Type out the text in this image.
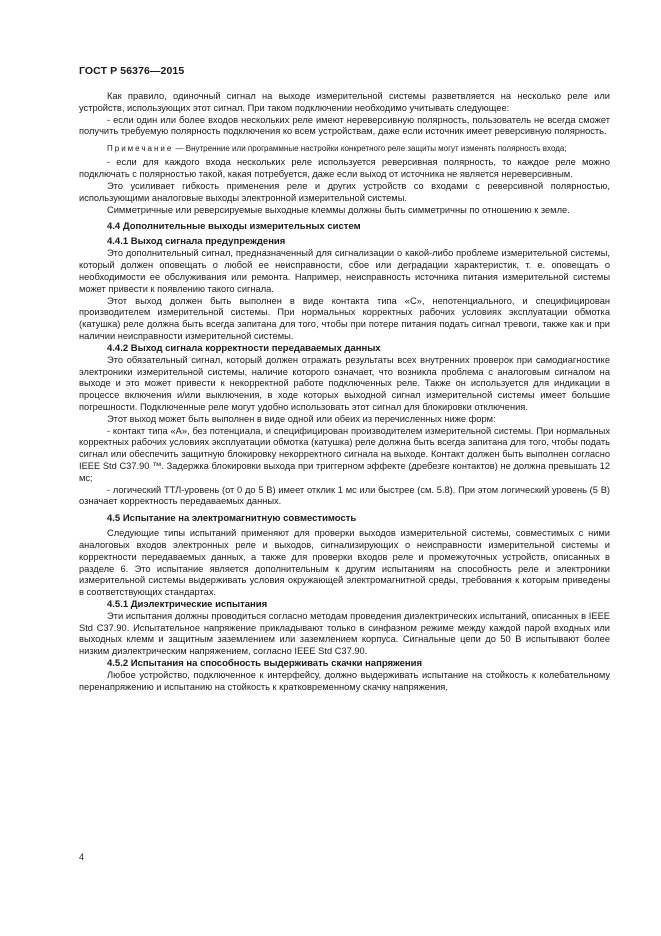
ГОСТ Р 56376—2015

Как правило, одиночный сигнал на выходе измерительной системы разветвляется на несколько реле или устройств, использующих этот сигнал. При таком подключении необходимо учитывать следующее:

- если один или более входов нескольких реле имеют нереверсивную полярность, пользователь не всегда сможет получить требуемую полярность подключения ко всем устройствам, даже если источник имеет реверсивную полярность.

Примечание — Внутренние или программные настройки конкретного реле защиты могут изменять полярность входа;

- если для каждого входа нескольких реле используется реверсивная полярность, то каждое реле можно подключать с полярностью такой, какая потребуется, даже если выход от источника не является нереверсивным.

Это усиливает гибкость применения реле и других устройств со входами с реверсивной полярностью, использующими аналоговые выходы электронной измерительной системы.

Симметричные или реверсируемые выходные клеммы должны быть симметричны по отношению к земле.

4.4 Дополнительные выходы измерительных систем
4.4.1 Выход сигнала предупреждения

Это дополнительный сигнал, предназначенный для сигнализации о какой-либо проблеме измерительной системы, который должен оповещать о любой ее неисправности, сбое или деградации характеристик, т. е. оповещать о необходимости ее обслуживания или ремонта. Например, неисправность источника питания измерительной системы может привести к появлению такого сигнала.

Этот выход должен быть выполнен в виде контакта типа «С», непотенциального, и специфицирован производителем измерительной системы. При нормальных корректных рабочих условиях эксплуатации обмотка (катушка) реле должна быть всегда запитана для того, чтобы при потере питания подать сигнал тревоги, также как и при наличии неисправности измерительной системы.

4.4.2 Выход сигнала корректности передаваемых данных

Это обязательный сигнал, который должен отражать результаты всех внутренних проверок при самодиагностике электроники измерительной системы, наличие которого означает, что возникла проблема с аналоговым сигналом на выходе и это может привести к некорректной работе подключенных реле. Также он используется для индикации в процессе включения и/или выключения, в ходе которых выходной сигнал измерительной системы имеет большие погрешности. Подключенные реле могут удобно использовать этот сигнал для блокировки отключения.

Этот выход может быть выполнен в виде одной или обеих из перечисленных ниже форм:

- контакт типа «А», без потенциала, и специфицирован производителем измерительной системы. При нормальных корректных рабочих условиях эксплуатации обмотка (катушка) реле должна быть всегда запитана для того, чтобы подать сигнал или обеспечить защитную блокировку некорректного сигнала на выходе. Контакт должен быть выполнен согласно IEEE Std C37.90 ™. Задержка блокировки выхода при триггерном эффекте (дребезге контактов) не должна превышать 12 мс;

- логический ТТЛ-уровень (от 0 до 5 В) имеет отклик 1 мс или быстрее (см. 5.8). При этом логический уровень (5 В) означает корректность передаваемых данных.

4.5 Испытание на электромагнитную совместимость

Следующие типы испытаний применяют для проверки выходов измерительной системы, совместимых с ними аналоговых входов электронных реле и выходов, сигнализирующих о неисправности измерительной системы и корректности передаваемых данных, а также для проверки входов реле и промежуточных устройств, описанных в разделе 6. Это испытание является дополнительным к другим испытаниям на способность реле и электроники измерительной системы выдерживать условия окружающей электромагнитной среды, требования к которым приведены в соответствующих стандартах.

4.5.1 Диэлектрические испытания

Эти испытания должны проводиться согласно методам проведения диэлектрических испытаний, описанных в IEEE Std C37.90. Испытательное напряжение прикладывают только в синфазном режиме между каждой парой входных или выходных клемм и защитным заземлением или заземлением корпуса. Сигнальные цепи до 50 В испытывают более низким диэлектрическим напряжением, согласно IEEE Std C37.90.

4.5.2 Испытания на способность выдерживать скачки напряжения

Любое устройство, подключенное к интерфейсу, должно выдерживать испытание на стойкость к колебательному перенапряжению и испытанию на стойкость к кратковременному скачку напряжения,

4
